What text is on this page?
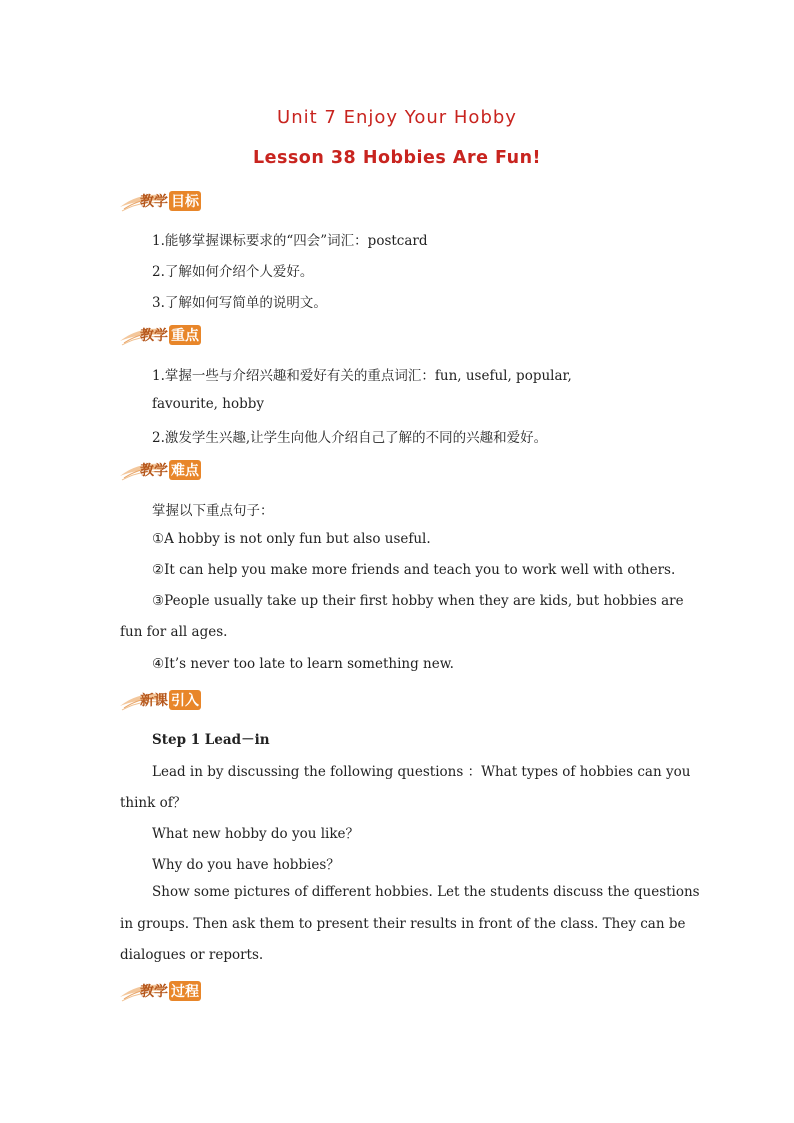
Unit 7 Enjoy Your Hobby
Lesson 38 Hobbies Are Fun!
教学 目标
1.能够掌握课标要求的“四会”词汇：postcard
2.了解如何介绍个人爱好。
3.了解如何写简单的说明文。
教学 重点
1.掌握一些与介绍兴趣和爱好有关的重点词汇：fun, useful, popular,
favourite, hobby
2.激发学生兴趣,让学生向他人介绍自己了解的不同的兴趣和爱好。
教学 难点
掌握以下重点句子：
①A hobby is not only fun but also useful.
②It can help you make more friends and teach you to work well with others.
③People usually take up their first hobby when they are kids, but hobbies are
fun for all ages.
④It’s never too late to learn something new.
新课 引入
Step 1 Lead－in
Lead in by discussing the following questions ：What types of hobbies can you
think of？
What new hobby do you like？
Why do you have hobbies？
Show some pictures of different hobbies. Let the students discuss the questions
in groups. Then ask them to present their results in front of the class. They can be
dialogues or reports.
教学 过程
